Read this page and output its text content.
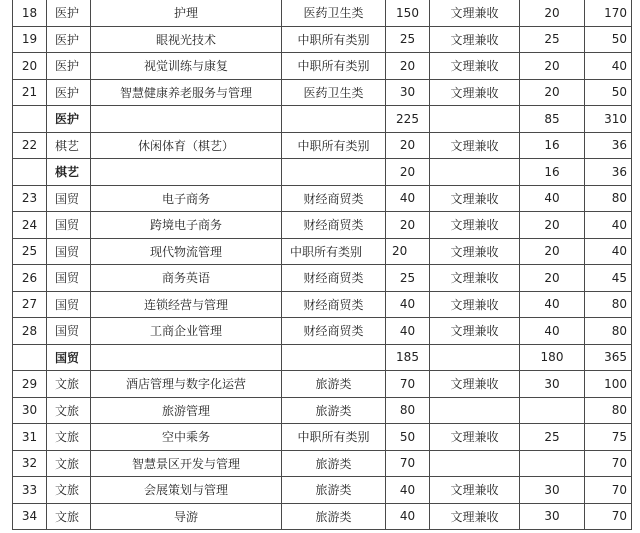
18	医护	护理	医药卫生类	150	文理兼收	20	170
19	医护	眼视光技术	中职所有类别	25	文理兼收	25	50
20	医护	视觉训练与康复	中职所有类别	20	文理兼收	20	40
21	医护	智慧健康养老服务与管理	医药卫生类	30	文理兼收	20	50
	医护			225		85	310
22	棋艺	休闲体育（棋艺）	中职所有类别	20	文理兼收	16	36
	棋艺			20		16	36
23	国贸	电子商务	财经商贸类	40	文理兼收	40	80
24	国贸	跨境电子商务	财经商贸类	20	文理兼收	20	40
25	国贸	现代物流管理	中职所有类别	20	文理兼收	20	40
26	国贸	商务英语	财经商贸类	25	文理兼收	20	45
27	国贸	连锁经营与管理	财经商贸类	40	文理兼收	40	80
28	国贸	工商企业管理	财经商贸类	40	文理兼收	40	80
	国贸			185		180	365
29	文旅	酒店管理与数字化运营	旅游类	70	文理兼收	30	100
30	文旅	旅游管理	旅游类	80			80
31	文旅	空中乘务	中职所有类别	50	文理兼收	25	75
32	文旅	智慧景区开发与管理	旅游类	70			70
33	文旅	会展策划与管理	旅游类	40	文理兼收	30	70
34	文旅	导游	旅游类	40	文理兼收	30	70
